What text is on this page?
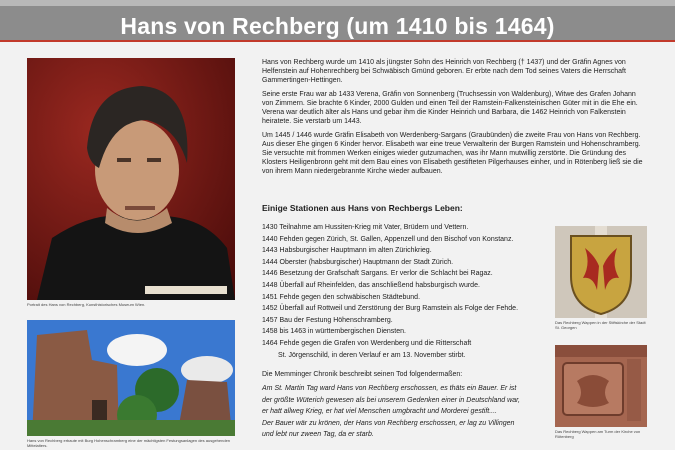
Hans von Rechberg (um 1410 bis 1464)
Portrait des Hans von Rechberg, Kunsthistorisches Museum Wien.
Hans von Rechberg erbaute mit Burg Hohenschramberg eine der mächtigsten Festungsanlagen des ausgehenden Mittelalters.

Hans von Rechberg wurde um 1410 als jüngster Sohn des Heinrich von Rechberg († 1437) und der Gräfin Agnes von Helfenstein auf Hohenrechberg bei Schwäbisch Gmünd geboren. Er erbte nach dem Tod seines Vaters die Herrschaft Gammertingen-Hettingen.

Seine erste Frau war ab 1433 Verena, Gräfin von Sonnenberg (Truchsessin von Waldenburg), Witwe des Grafen Johann von Zimmern. Sie brachte 6 Kinder, 2000 Gulden und einen Teil der Ramstein-Falkensteinischen Güter mit in die Ehe ein. Verena war deutlich älter als Hans und gebar ihm die Kinder Heinrich und Barbara, die 1462 Heinrich von Falkenstein heiratete. Sie verstarb um 1443.

Um 1445 / 1446 wurde Gräfin Elisabeth von Werdenberg-Sargans (Graubünden) die zweite Frau von Hans von Rechberg. Aus dieser Ehe gingen 6 Kinder hervor. Elisabeth war eine treue Verwalterin der Burgen Ramstein und Hohenschramberg. Sie versuchte mit frommen Werken einiges wieder gutzumachen, was ihr Mann mutwillig zerstörte. Die Gründung des Klosters Heiligenbronn geht mit dem Bau eines von Elisabeth gestifteten Pilgerhauses einher, und in Rötenberg ließ sie die von ihrem Mann niedergebrannte Kirche wieder aufbauen.

Einige Stationen aus Hans von Rechbergs Leben:
1430 Teilnahme am Hussiten-Krieg mit Vater, Brüdern und Vettern.
1440 Fehden gegen Zürich, St. Gallen, Appenzell und den Bischof von Konstanz.
1443 Habsburgischer Hauptmann im alten Zürichkrieg.
1444 Oberster (habsburgischer) Hauptmann der Stadt Zürich.
1446 Besetzung der Grafschaft Sargans. Er verlor die Schlacht bei Ragaz.
1448 Überfall auf Rheinfelden, das anschließend habsburgisch wurde.
1451 Fehde gegen den schwäbischen Städtebund.
1452 Überfall auf Rottweil und Zerstörung der Burg Ramstein als Folge der Fehde.
1457 Bau der Festung Höhenschramberg.
1458 bis 1463 in württembergischen Diensten.
1464 Fehde gegen die Grafen von Werdenberg und die Ritterschaft
St. Jörgenschild, in deren Verlauf er am 13. November stirbt.
Die Memminger Chronik beschreibt seinen Tod folgendermaßen:
Am St. Martin Tag ward Hans von Rechberg erschossen, es thäts ein Bauer. Er ist
der größte Wüterich gewesen als bei unserem Gedenken einer in Deutschland war,
er hatt allweg Krieg, er hat viel Menschen umgbracht und Morderei gestift....
Der Bauer wär zu krönen, der Hans von Rechberg erschossen, er lag zu Villingen
und lebt nur zween Tag, da er starb.
Das Rechberg Wappen in der Stiftskirche der Stadt St. Georgen
Das Rechberg Wappen am Turm der Kirche von Rötenberg
